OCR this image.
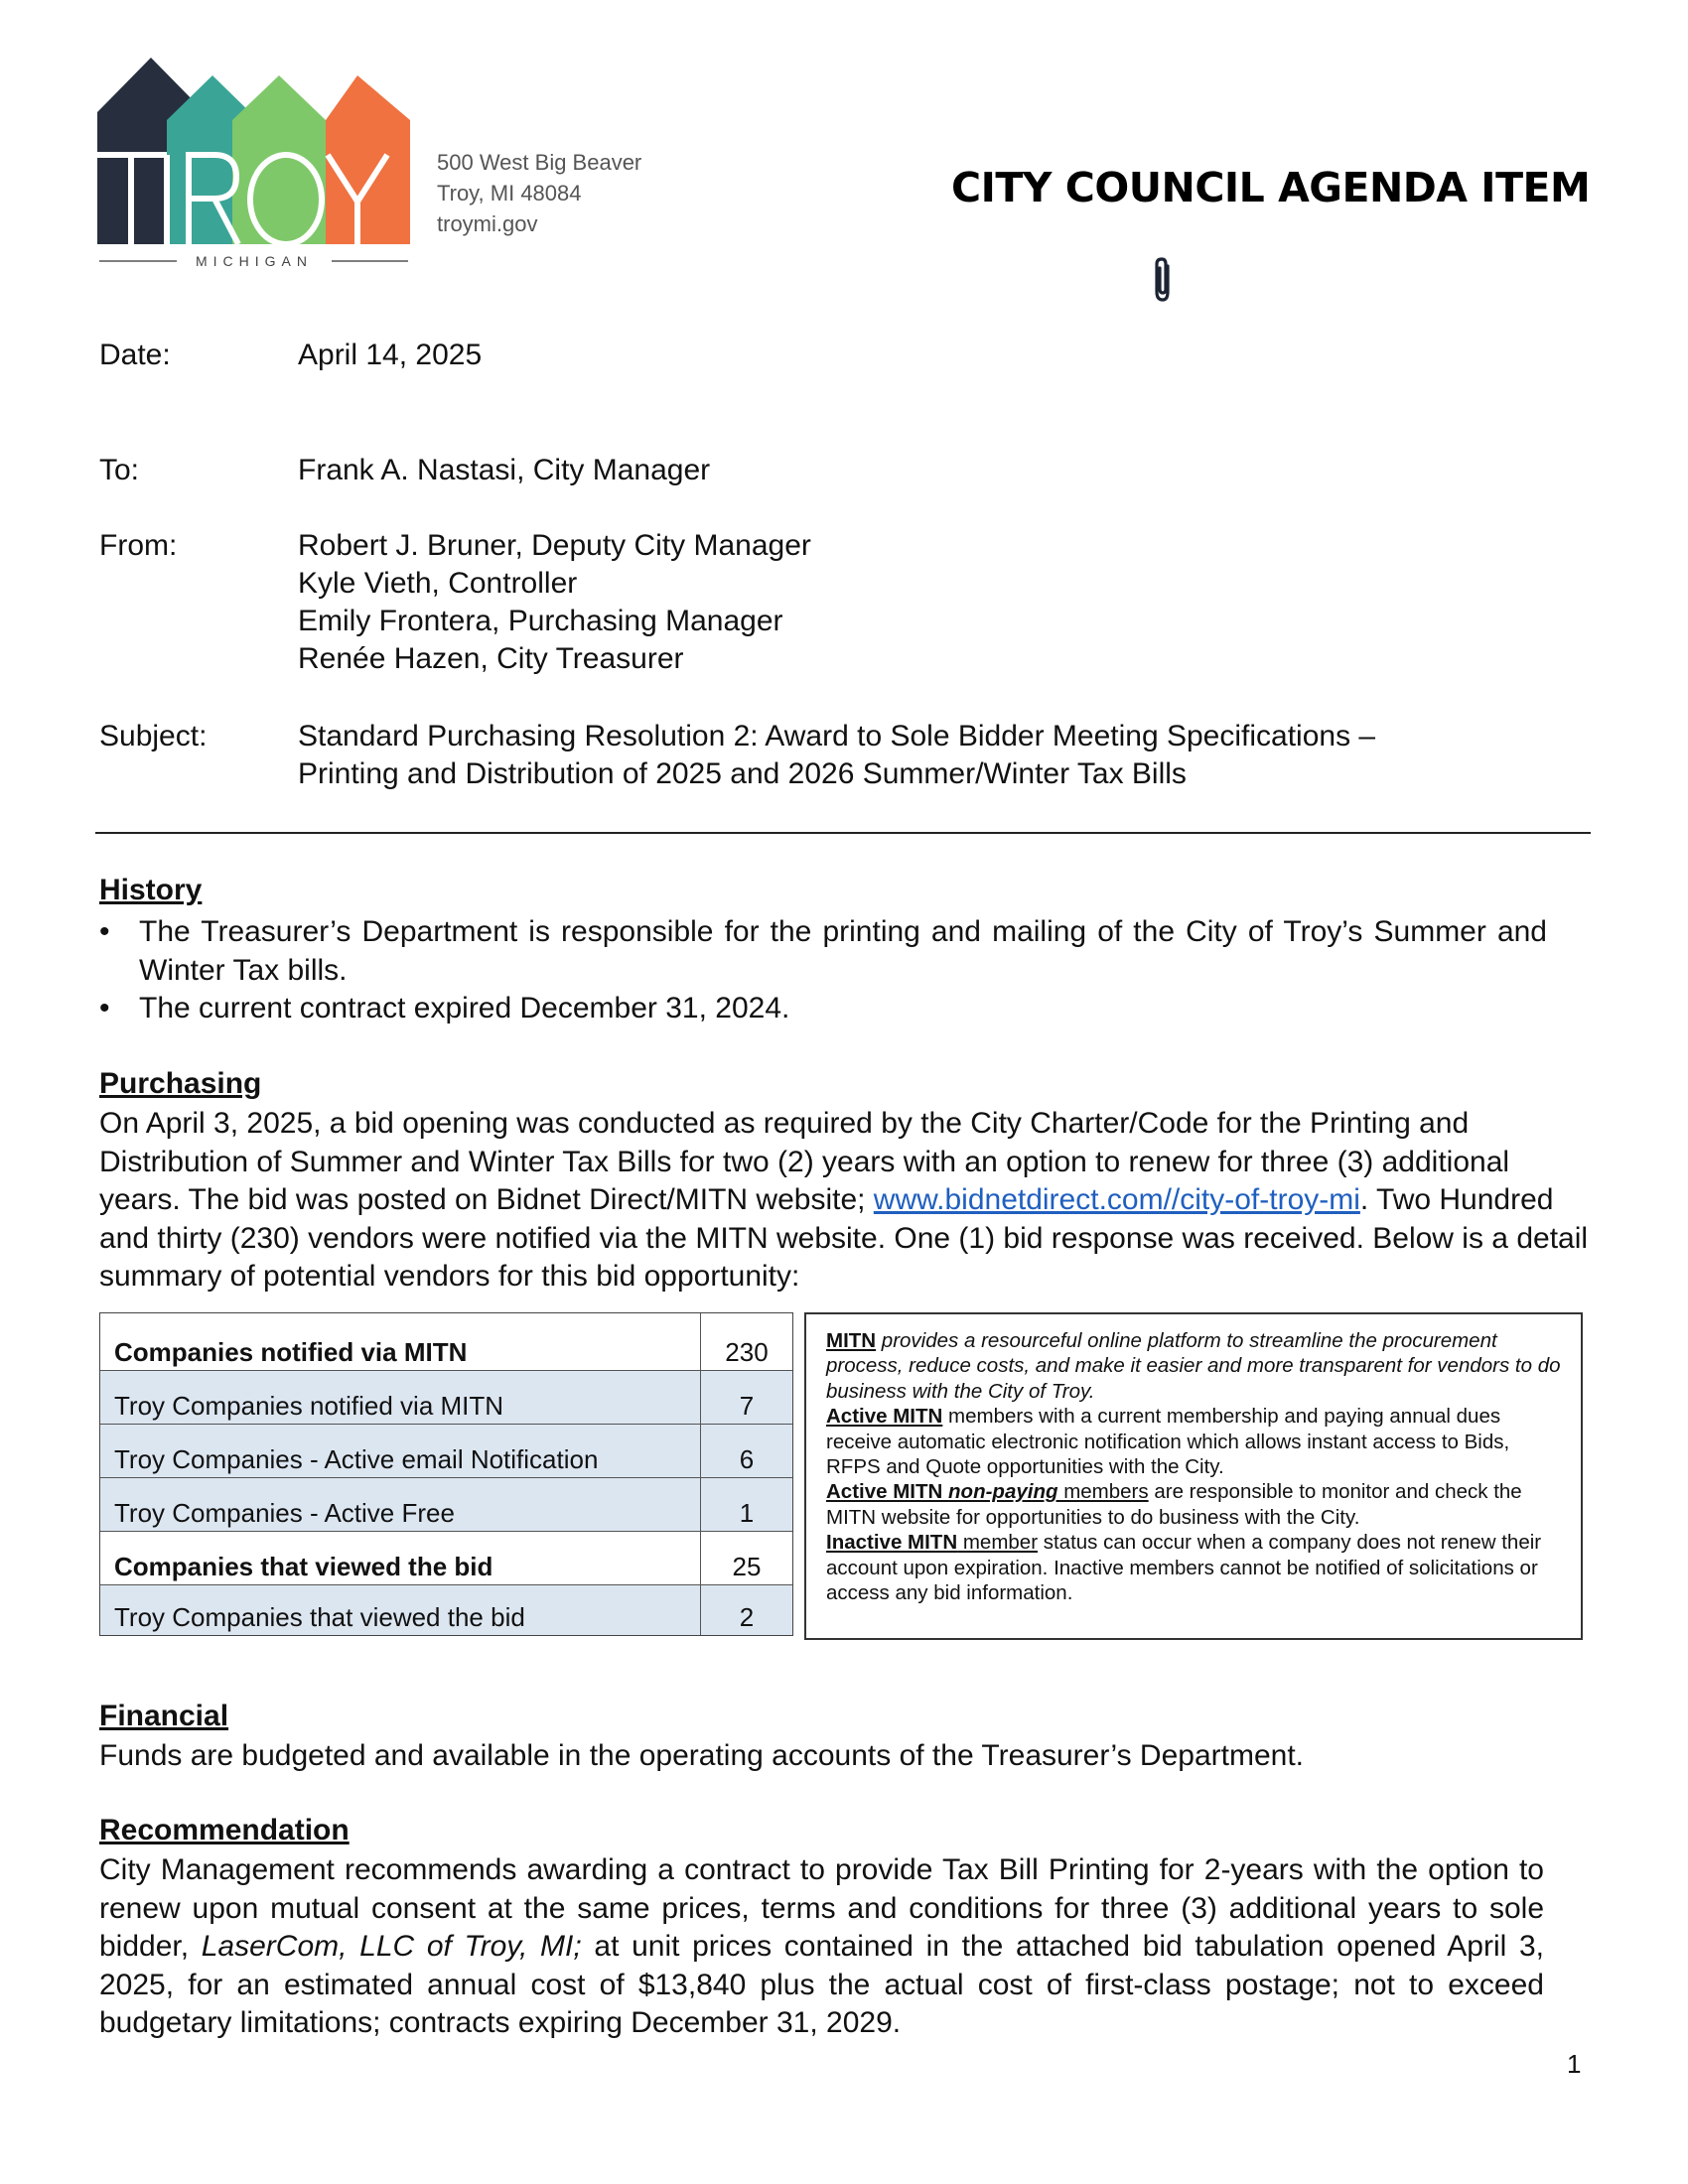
MICHIGAN
500 West Big Beaver
Troy, MI 48084
troymi.gov
CITY COUNCIL AGENDA ITEM
Date:	April 14, 2025
To:	Frank A. Nastasi, City Manager
From:	Robert J. Bruner, Deputy City Manager
Kyle Vieth, Controller
Emily Frontera, Purchasing Manager
Renée Hazen, City Treasurer
Subject:	Standard Purchasing Resolution 2: Award to Sole Bidder Meeting Specifications –
Printing and Distribution of 2025 and 2026 Summer/Winter Tax Bills
History
• The Treasurer’s Department is responsible for the printing and mailing of the City of Troy’s Summer and Winter Tax bills.
• The current contract expired December 31, 2024.
Purchasing
On April 3, 2025, a bid opening was conducted as required by the City Charter/Code for the Printing and Distribution of Summer and Winter Tax Bills for two (2) years with an option to renew for three (3) additional years. The bid was posted on Bidnet Direct/MITN website; www.bidnetdirect.com//city-of-troy-mi. Two Hundred and thirty (230) vendors were notified via the MITN website. One (1) bid response was received. Below is a detail summary of potential vendors for this bid opportunity:
Companies notified via MITN	230
Troy Companies notified via MITN	7
Troy Companies - Active email Notification	6
Troy Companies - Active Free	1
Companies that viewed the bid	25
Troy Companies that viewed the bid	2

MITN provides a resourceful online platform to streamline the procurement process, reduce costs, and make it easier and more transparent for vendors to do business with the City of Troy.

Active MITN members with a current membership and paying annual dues receive automatic electronic notification which allows instant access to Bids, RFPS and Quote opportunities with the City.

Active MITN non-paying members are responsible to monitor and check the MITN website for opportunities to do business with the City.

Inactive MITN member status can occur when a company does not renew their account upon expiration. Inactive members cannot be notified of solicitations or access any bid information.

Financial
Funds are budgeted and available in the operating accounts of the Treasurer’s Department.
Recommendation
City Management recommends awarding a contract to provide Tax Bill Printing for 2-years with the option to renew upon mutual consent at the same prices, terms and conditions for three (3) additional years to sole bidder, LaserCom, LLC of Troy, MI; at unit prices contained in the attached bid tabulation opened April 3, 2025, for an estimated annual cost of $13,840 plus the actual cost of first-class postage; not to exceed budgetary limitations; contracts expiring December 31, 2029.
1
